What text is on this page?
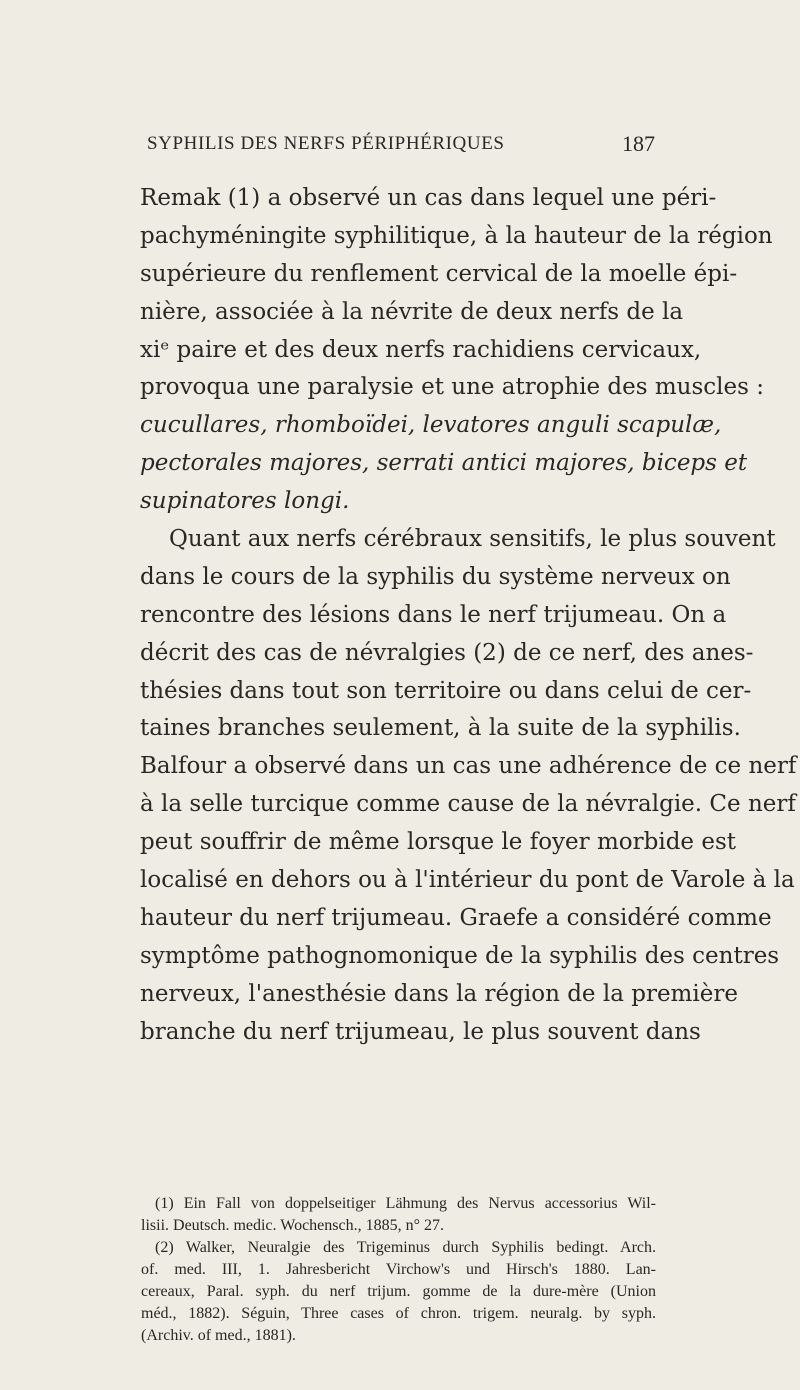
SYPHILIS DES NERFS PÉRIPHÉRIQUES	187
Remak (1) a observé un cas dans lequel une péri-
pachyméningite syphilitique, à la hauteur de la région
supérieure du renflement cervical de la moelle épi-
nière, associée à la névrite de deux nerfs de la
xiᵉ paire et des deux nerfs rachidiens cervicaux,
provoqua une paralysie et une atrophie des muscles :
cucullares, rhomboïdei, levatores anguli scapulæ,
pectorales majores, serrati antici majores, biceps et
supinatores longi.
Quant aux nerfs cérébraux sensitifs, le plus souvent
dans le cours de la syphilis du système nerveux on
rencontre des lésions dans le nerf trijumeau. On a
décrit des cas de névralgies (2) de ce nerf, des anes-
thésies dans tout son territoire ou dans celui de cer-
taines branches seulement, à la suite de la syphilis.
Balfour a observé dans un cas une adhérence de ce nerf
à la selle turcique comme cause de la névralgie. Ce nerf
peut souffrir de même lorsque le foyer morbide est
localisé en dehors ou à l'intérieur du pont de Varole à la
hauteur du nerf trijumeau. Graefe a considéré comme
symptôme pathognomonique de la syphilis des centres
nerveux, l'anesthésie dans la région de la première
branche du nerf trijumeau, le plus souvent dans
(1) Ein Fall von doppelseitiger Lähmung des Nervus accessorius Wil-
lisii. Deutsch. medic. Wochensch., 1885, n° 27.
(2) Walker, Neuralgie des Trigeminus durch Syphilis bedingt. Arch.
of. med. III, 1. Jahresbericht Virchow's und Hirsch's 1880. Lan-
cereaux, Paral. syph. du nerf trijum. gomme de la dure-mère (Union
méd., 1882). Séguin, Three cases of chron. trigem. neuralg. by syph.
(Archiv. of med., 1881).
